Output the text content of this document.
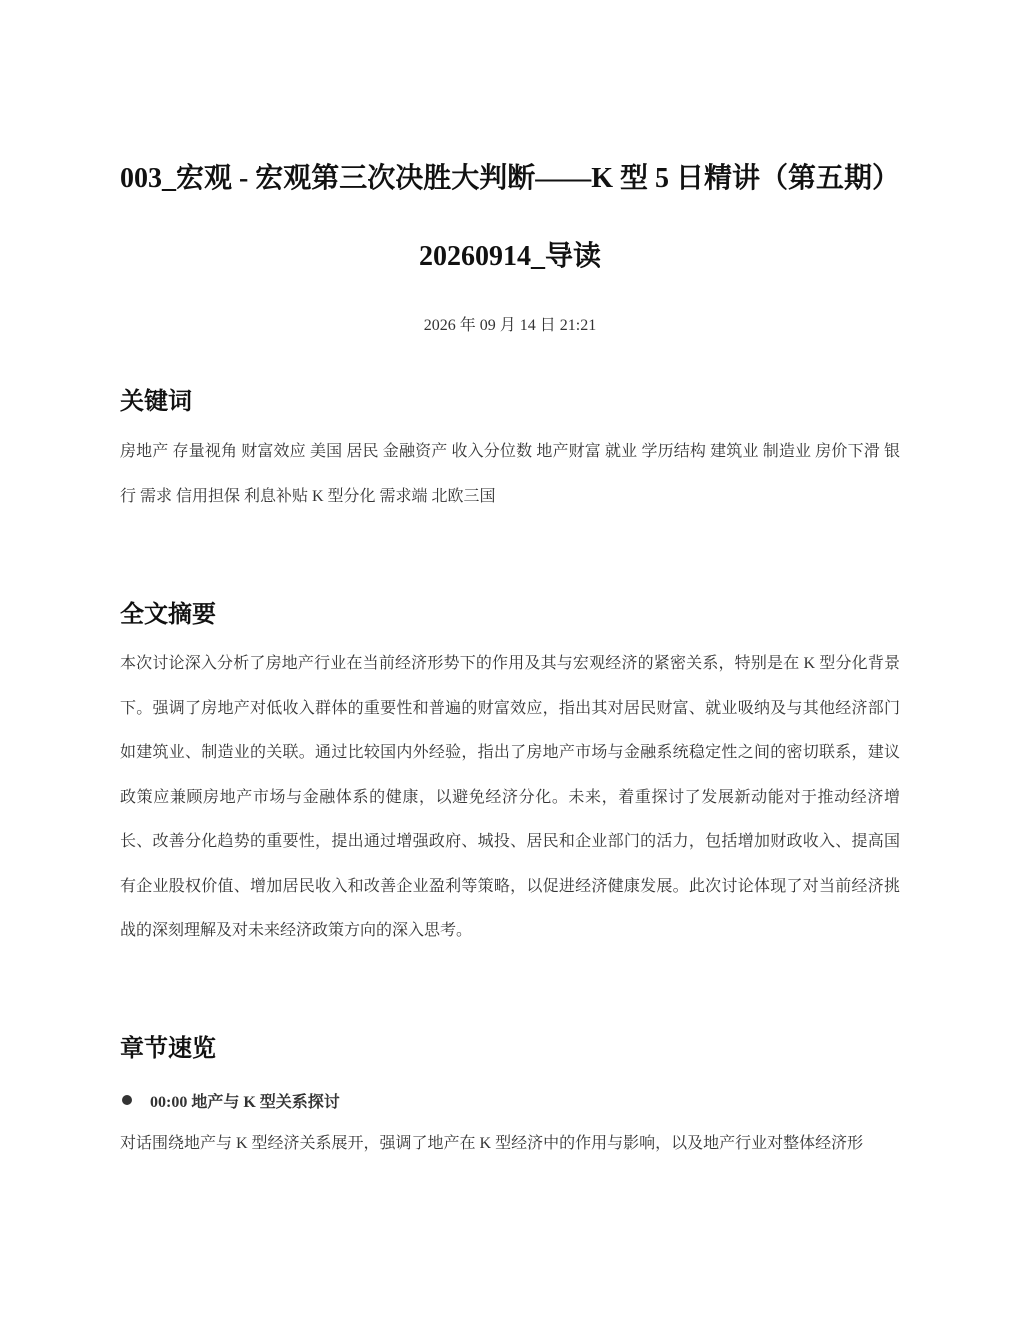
003_宏观 - 宏观第三次决胜大判断——K 型 5 日精讲（第五期）20260914_导读
2026 年 09 月 14 日 21:21
关键词

房地产 存量视角 财富效应 美国 居民 金融资产 收入分位数 地产财富 就业 学历结构 建筑业 制造业 房价下滑 银行 需求 信用担保 利息补贴 K 型分化 需求端 北欧三国

全文摘要

本次讨论深入分析了房地产行业在当前经济形势下的作用及其与宏观经济的紧密关系，特别是在 K 型分化背景下。强调了房地产对低收入群体的重要性和普遍的财富效应，指出其对居民财富、就业吸纳及与其他经济部门如建筑业、制造业的关联。通过比较国内外经验，指出了房地产市场与金融系统稳定性之间的密切联系，建议政策应兼顾房地产市场与金融体系的健康，以避免经济分化。未来，着重探讨了发展新动能对于推动经济增长、改善分化趋势的重要性，提出通过增强政府、城投、居民和企业部门的活力，包括增加财政收入、提高国有企业股权价值、增加居民收入和改善企业盈利等策略，以促进经济健康发展。此次讨论体现了对当前经济挑战的深刻理解及对未来经济政策方向的深入思考。

章节速览
00:00 地产与 K 型关系探讨

对话围绕地产与 K 型经济关系展开，强调了地产在 K 型经济中的作用与影响，以及地产行业对整体经济形
